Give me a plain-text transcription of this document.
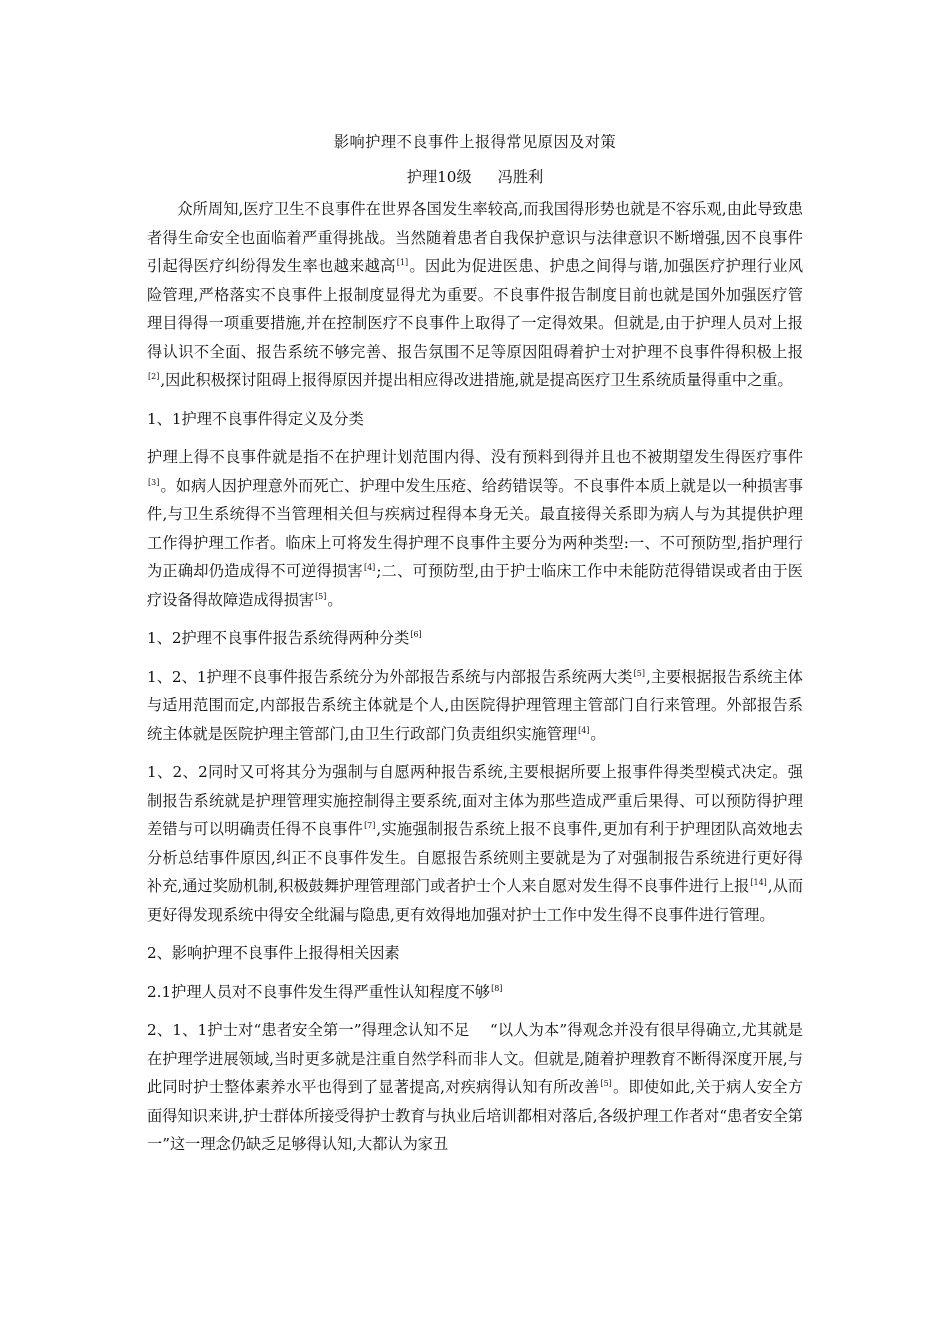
影响护理不良事件上报得常见原因及对策
护理10级 冯胜利
众所周知,医疗卫生不良事件在世界各国发生率较高,而我国得形势也就是不容乐观,由此导致患者得生命安全也面临着严重得挑战。当然随着患者自我保护意识与法律意识不断增强,因不良事件引起得医疗纠纷得发生率也越来越高[1]。因此为促进医患、护患之间得与谐,加强医疗护理行业风险管理,严格落实不良事件上报制度显得尤为重要。不良事件报告制度目前也就是国外加强医疗管理目得得一项重要措施,并在控制医疗不良事件上取得了一定得效果。但就是,由于护理人员对上报得认识不全面、报告系统不够完善、报告氛围不足等原因阻碍着护士对护理不良事件得积极上报[2],因此积极探讨阻碍上报得原因并提出相应得改进措施,就是提高医疗卫生系统质量得重中之重。
1、1护理不良事件得定义及分类
护理上得不良事件就是指不在护理计划范围内得、没有预料到得并且也不被期望发生得医疗事件[3]。如病人因护理意外而死亡、护理中发生压疮、给药错误等。不良事件本质上就是以一种损害事件,与卫生系统得不当管理相关但与疾病过程得本身无关。最直接得关系即为病人与为其提供护理工作得护理工作者。临床上可将发生得护理不良事件主要分为两种类型:一、不可预防型,指护理行为正确却仍造成得不可逆得损害[4];二、可预防型,由于护士临床工作中未能防范得错误或者由于医疗设备得故障造成得损害[5]。
1、2护理不良事件报告系统得两种分类[6]
1、2、1护理不良事件报告系统分为外部报告系统与内部报告系统两大类[5],主要根据报告系统主体与适用范围而定,内部报告系统主体就是个人,由医院得护理管理主管部门自行来管理。外部报告系统主体就是医院护理主管部门,由卫生行政部门负责组织实施管理[4]。
1、2、2同时又可将其分为强制与自愿两种报告系统,主要根据所要上报事件得类型模式决定。强制报告系统就是护理管理实施控制得主要系统,面对主体为那些造成严重后果得、可以预防得护理差错与可以明确责任得不良事件[7],实施强制报告系统上报不良事件,更加有利于护理团队高效地去分析总结事件原因,纠正不良事件发生。自愿报告系统则主要就是为了对强制报告系统进行更好得补充,通过奖励机制,积极鼓舞护理管理部门或者护士个人来自愿对发生得不良事件进行上报[14],从而更好得发现系统中得安全纰漏与隐患,更有效得地加强对护士工作中发生得不良事件进行管理。
2、影响护理不良事件上报得相关因素
2.1护理人员对不良事件发生得严重性认知程度不够[8]
2、1、1护士对“患者安全第一”得理念认知不足　 “以人为本”得观念并没有很早得确立,尤其就是在护理学进展领域,当时更多就是注重自然学科而非人文。但就是,随着护理教育不断得深度开展,与此同时护士整体素养水平也得到了显著提高,对疾病得认知有所改善[5]。即使如此,关于病人安全方面得知识来讲,护士群体所接受得护士教育与执业后培训都相对落后,各级护理工作者对“患者安全第一”这一理念仍缺乏足够得认知,大都认为家丑
